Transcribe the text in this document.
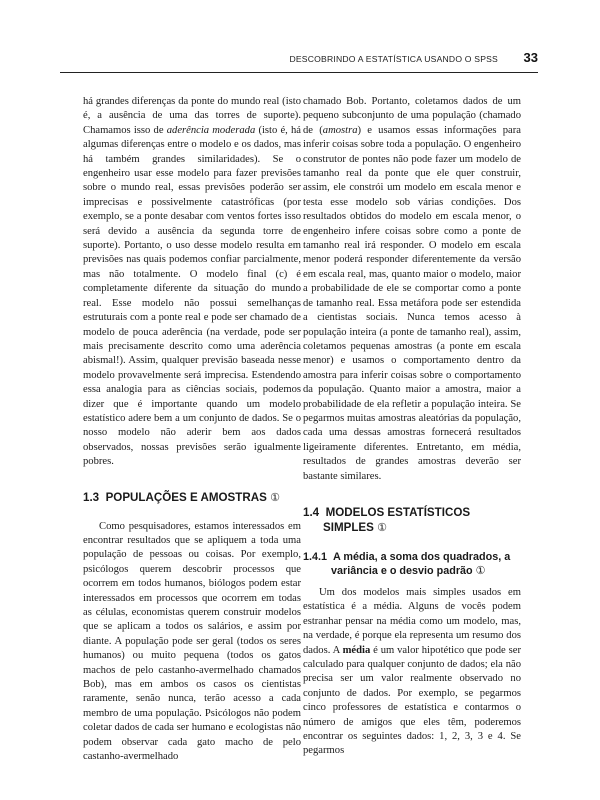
DESCOBRINDO A ESTATÍSTICA USANDO O SPSS 33

há grandes diferenças da ponte do mundo real (isto é, a ausência de uma das torres de suporte). Chamamos isso de aderência moderada (isto é, há algumas diferenças entre o modelo e os dados, mas há também grandes similaridades). Se o engenheiro usar esse modelo para fazer previsões sobre o mundo real, essas previsões poderão ser imprecisas e possivelmente catastróficas (por exemplo, se a ponte desabar com ventos fortes isso será devido a ausência da segunda torre de suporte). Portanto, o uso desse modelo resulta em previsões nas quais podemos confiar parcialmente, mas não totalmente. O modelo final (c) é completamente diferente da situação do mundo real. Esse modelo não possui semelhanças estruturais com a ponte real e pode ser chamado de modelo de pouca aderência (na verdade, pode ser mais precisamente descrito como uma aderência abismal!). Assim, qualquer previsão baseada nesse modelo provavelmente será imprecisa. Estendendo essa analogia para as ciências sociais, podemos dizer que é importante quando um modelo estatístico adere bem a um conjunto de dados. Se o nosso modelo não aderir bem aos dados observados, nossas previsões serão igualmente pobres.

1.3 POPULAÇÕES E AMOSTRAS ①

Como pesquisadores, estamos interessados em encontrar resultados que se apliquem a toda uma população de pessoas ou coisas. Por exemplo, psicólogos querem descobrir processos que ocorrem em todos humanos, biólogos podem estar interessados em processos que ocorrem em todas as células, economistas querem construir modelos que se aplicam a todos os salários, e assim por diante. A população pode ser geral (todos os seres humanos) ou muito pequena (todos os gatos machos de pelo castanho-avermelhado chamados Bob), mas em ambos os casos os cientistas raramente, senão nunca, terão acesso a cada membro de uma população. Psicólogos não podem coletar dados de cada ser humano e ecologistas não podem observar cada gato macho de pelo castanho-avermelhado

chamado Bob. Portanto, coletamos dados de um pequeno subconjunto de uma população (chamado de (amostra) e usamos essas informações para inferir coisas sobre toda a população. O engenheiro construtor de pontes não pode fazer um modelo de tamanho real da ponte que ele quer construir, assim, ele constrói um modelo em escala menor e testa esse modelo sob várias condições. Dos resultados obtidos do modelo em escala menor, o engenheiro infere coisas sobre como a ponte de tamanho real irá responder. O modelo em escala menor poderá responder diferentemente da versão em escala real, mas, quanto maior o modelo, maior a probabilidade de ele se comportar como a ponte de tamanho real. Essa metáfora pode ser estendida a cientistas sociais. Nunca temos acesso à população inteira (a ponte de tamanho real), assim, coletamos pequenas amostras (a ponte em escala menor) e usamos o comportamento dentro da amostra para inferir coisas sobre o comportamento da população. Quanto maior a amostra, maior a probabilidade de ela refletir a população inteira. Se pegarmos muitas amostras aleatórias da população, cada uma dessas amostras fornecerá resultados ligeiramente diferentes. Entretanto, em média, resultados de grandes amostras deverão ser bastante similares.

1.4 MODELOS ESTATÍSTICOS
SIMPLES ①
1.4.1 A média, a soma dos quadrados, a
variância e o desvio padrão ①

Um dos modelos mais simples usados em estatística é a média. Alguns de vocês podem estranhar pensar na média como um modelo, mas, na verdade, é porque ela representa um resumo dos dados. A média é um valor hipotético que pode ser calculado para qualquer conjunto de dados; ela não precisa ser um valor realmente observado no conjunto de dados. Por exemplo, se pegarmos cinco professores de estatística e contarmos o número de amigos que eles têm, poderemos encontrar os seguintes dados: 1, 2, 3, 3 e 4. Se pegarmos
